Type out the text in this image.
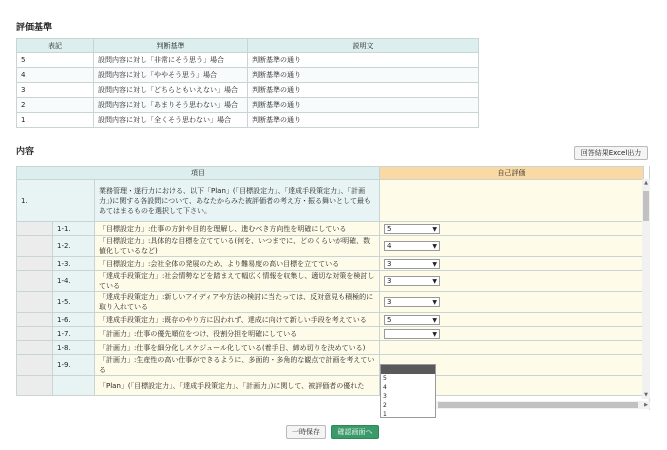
評価基準
表記	判断基準	説明文
5	設問内容に対し「非常にそう思う」場合	判断基準の通り
4	設問内容に対し「ややそう思う」場合	判断基準の通り
3	設問内容に対し「どちらともいえない」場合	判断基準の通り
2	設問内容に対し「あまりそう思わない」場合	判断基準の通り
1	設問内容に対し「全くそう思わない」場合	判断基準の通り
内容	回答結果Excel出力
項目			自己評価
1.		業務管理・遂行力における、以下「Plan」(「目標設定力」、「達成手段策定力」、「計画力」)に関する各設問について、あなたからみた被評価者の考え方・振る舞いとして最もあてはまるものを選択して下さい。	
	1-1.	「目標設定力」:仕事の方針や目的を理解し、進むべき方向性を明確にしている	5 ▼

	1-2.	「目標設定力」:具体的な目標を立てている(何を、いつまでに、どのくらいが明確、数値化しているなど)	4 ▼

	1-3.	「目標設定力」:会社全体の発展のため、より難易度の高い目標を立てている	3 ▼

	1-4.	「達成手段策定力」:社会情勢などを踏まえて幅広く情報を収集し、適切な対策を検討している	3 ▼

	1-5.	「達成手段策定力」:新しいアイディアや方法の検討に当たっては、反対意見も積極的に取り入れている	3 ▼

	1-6.	「達成手段策定力」:既存のやり方に囚われず、達成に向けて新しい手段を考えている	5 ▼

	1-7.	「計画力」:仕事の優先順位をつけ、役割分担を明確にしている	▼

	1-8.	「計画力」:仕事を細分化しスケジュール化している(着手日、締め切りを決めている)	
	1-9.	「計画力」:生産性の高い仕事ができるように、多面的・多角的な観点で計画を考えている	
		「Plan」(「目標設定力」、「達成手段策定力」、「計画力」)に関して、被評価者の優れた	
▲
▼
▶
5
4
3
2
1
一時保存	確認画面へ
